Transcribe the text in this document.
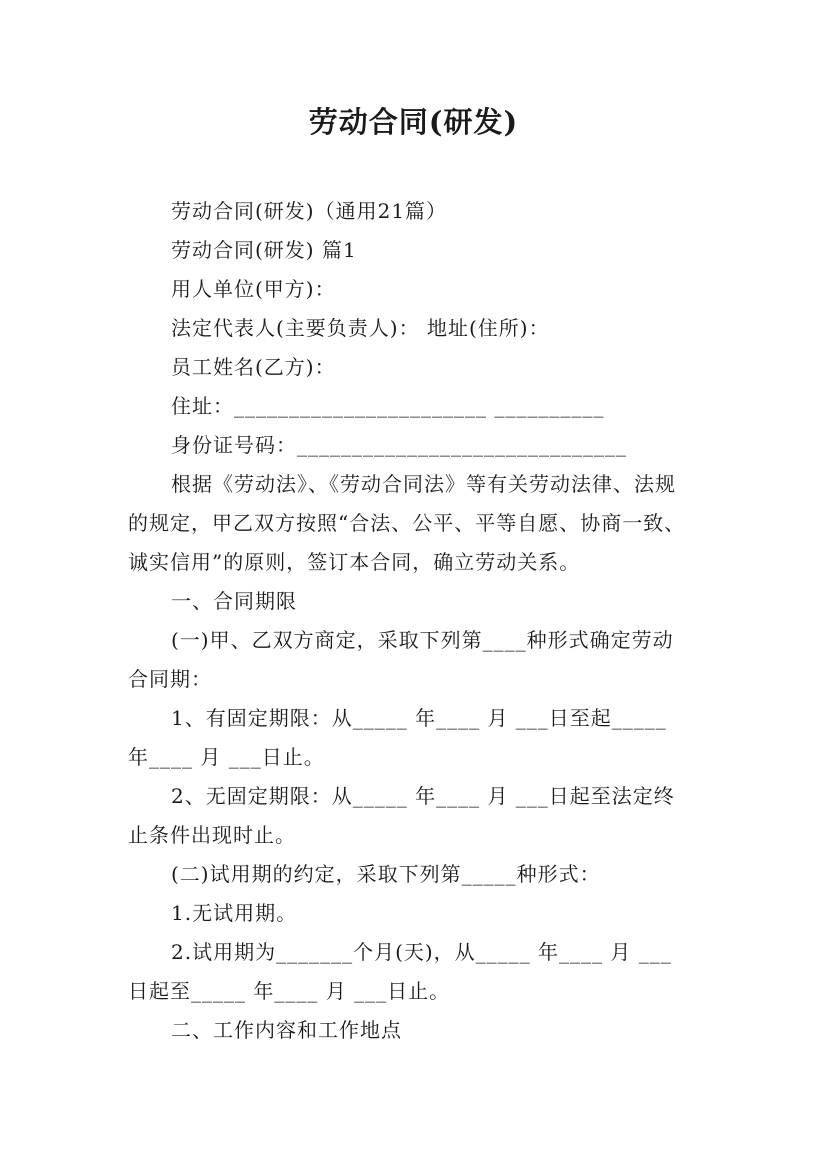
劳动合同(研发)
劳动合同(研发)（通用21篇）
劳动合同(研发) 篇1
用人单位(甲方)：
法定代表人(主要负责人)： 地址(住所)：
员工姓名(乙方)：
住址：_______________________ __________
身份证号码：______________________________
根据《劳动法》、《劳动合同法》等有关劳动法律、法规
的规定，甲乙双方按照“合法、公平、平等自愿、协商一致、
诚实信用”的原则，签订本合同，确立劳动关系。
一、合同期限
(一)甲、乙双方商定，采取下列第____种形式确定劳动
合同期：
1、有固定期限：从_____ 年____ 月 ___日至起_____
年____ 月 ___日止。
2、无固定期限：从_____ 年____ 月 ___日起至法定终
止条件出现时止。
(二)试用期的约定，采取下列第_____种形式：
1.无试用期。
2.试用期为_______个月(天)，从_____ 年____ 月 ___
日起至_____ 年____ 月 ___日止。
二、工作内容和工作地点
